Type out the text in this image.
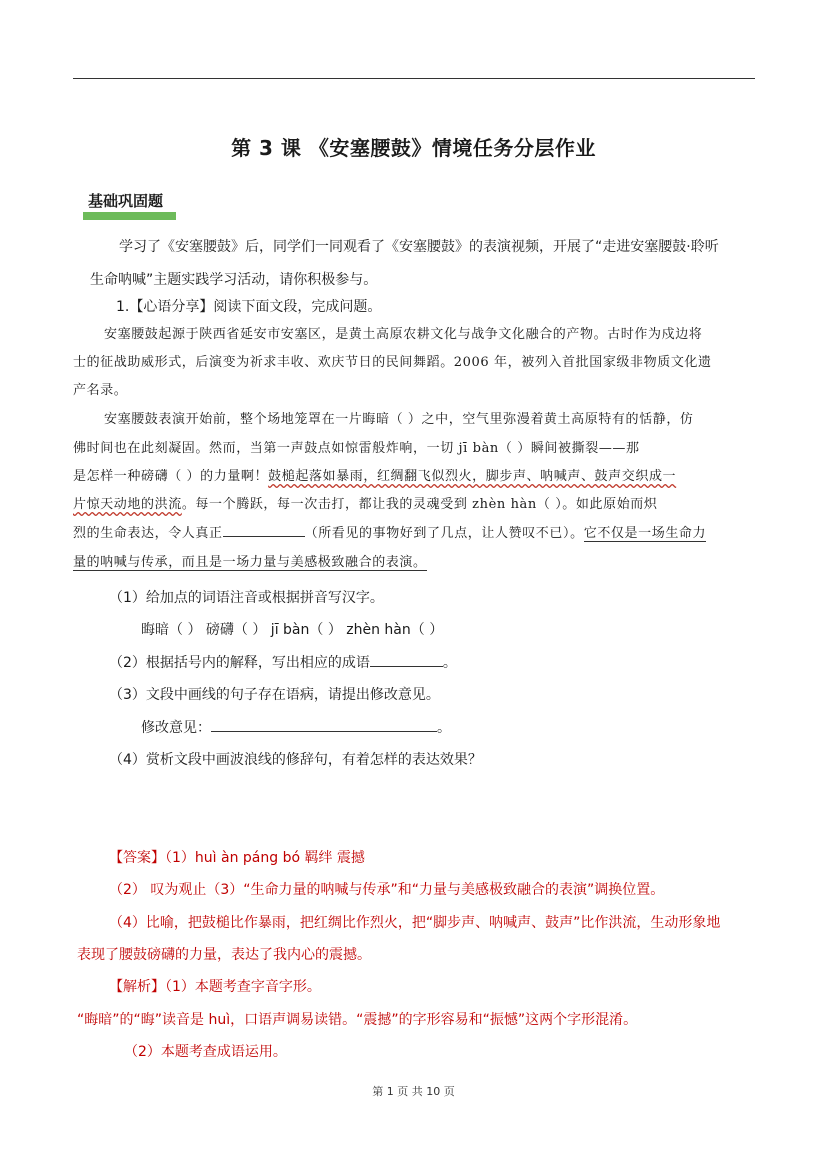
第 3 课 《安塞腰鼓》情境任务分层作业
基础巩固题
学习了《安塞腰鼓》后，同学们一同观看了《安塞腰鼓》的表演视频，开展了“走进安塞腰鼓·聆听
生命呐喊”主题实践学习活动，请你积极参与。
1.【心语分享】阅读下面文段，完成问题。
安塞腰鼓起源于陕西省延安市安塞区，是黄土高原农耕文化与战争文化融合的产物。古时作为戍边将
士的征战助威形式，后演变为祈求丰收、欢庆节日的民间舞蹈。2006 年，被列入首批国家级非物质文化遗
产名录。
安塞腰鼓表演开始前，整个场地笼罩在一片晦暗（ ）之中，空气里弥漫着黄土高原特有的恬静，仿
佛时间也在此刻凝固。然而，当第一声鼓点如惊雷般炸响，一切 jī bàn（ ）瞬间被撕裂——那
是怎样一种磅礴（ ）的力量啊！鼓槌起落如暴雨，红绸翻飞似烈火，脚步声、呐喊声、鼓声交织成一
片惊天动地的洪流。每一个腾跃，每一次击打，都让我的灵魂受到 zhèn hàn（ ）。如此原始而炽
烈的生命表达，令人真正	（所看见的事物好到了几点，让人赞叹不已）。它不仅是一场生命力
量的呐喊与传承，而且是一场力量与美感极致融合的表演。
（1）给加点的词语注音或根据拼音写汉字。
晦暗（ ） 磅礴（ ） jī bàn（ ） zhèn hàn（ ）
（2）根据括号内的解释，写出相应的成语	。
（3）文段中画线的句子存在语病，请提出修改意见。
修改意见：	。
（4）赏析文段中画波浪线的修辞句，有着怎样的表达效果？
【答案】（1）huì àn páng bó 羁绊 震撼
（2） 叹为观止（3）“生命力量的呐喊与传承”和“力量与美感极致融合的表演”调换位置。
（4）比喻，把鼓槌比作暴雨，把红绸比作烈火，把“脚步声、呐喊声、鼓声”比作洪流，生动形象地
表现了腰鼓磅礴的力量，表达了我内心的震撼。
【解析】（1）本题考查字音字形。
“晦暗”的“晦”读音是 huì，口语声调易读错。“震撼”的字形容易和“振憾”这两个字形混淆。
（2）本题考查成语运用。
第 1 页 共 10 页
